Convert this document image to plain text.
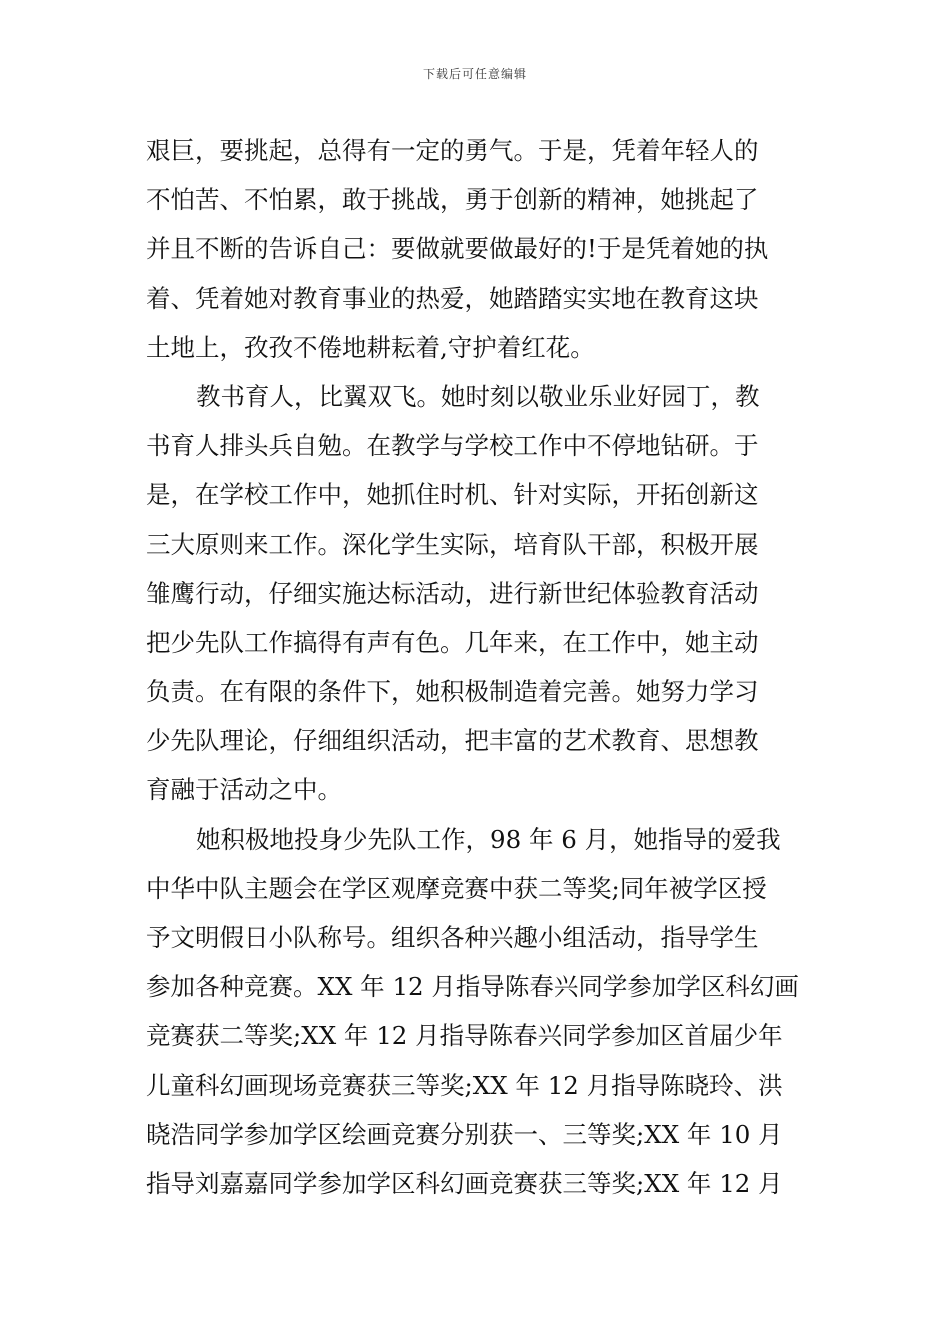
下载后可任意编辑
艰巨，要挑起，总得有一定的勇气。于是，凭着年轻人的
不怕苦、不怕累，敢于挑战，勇于创新的精神，她挑起了
并且不断的告诉自己：要做就要做最好的!于是凭着她的执
着、凭着她对教育事业的热爱，她踏踏实实地在教育这块
土地上，孜孜不倦地耕耘着,守护着红花。
教书育人，比翼双飞。她时刻以敬业乐业好园丁，教
书育人排头兵自勉。在教学与学校工作中不停地钻研。于
是，在学校工作中，她抓住时机、针对实际，开拓创新这
三大原则来工作。深化学生实际，培育队干部，积极开展
雏鹰行动，仔细实施达标活动，进行新世纪体验教育活动
把少先队工作搞得有声有色。几年来，在工作中，她主动
负责。在有限的条件下，她积极制造着完善。她努力学习
少先队理论，仔细组织活动，把丰富的艺术教育、思想教
育融于活动之中。
她积极地投身少先队工作，98 年 6 月，她指导的爱我
中华中队主题会在学区观摩竞赛中获二等奖;同年被学区授
予文明假日小队称号。组织各种兴趣小组活动，指导学生
参加各种竞赛。XX 年 12 月指导陈春兴同学参加学区科幻画
竞赛获二等奖;XX 年 12 月指导陈春兴同学参加区首届少年
儿童科幻画现场竞赛获三等奖;XX 年 12 月指导陈晓玲、洪
晓浩同学参加学区绘画竞赛分别获一、三等奖;XX 年 10 月
指导刘嘉嘉同学参加学区科幻画竞赛获三等奖;XX 年 12 月
